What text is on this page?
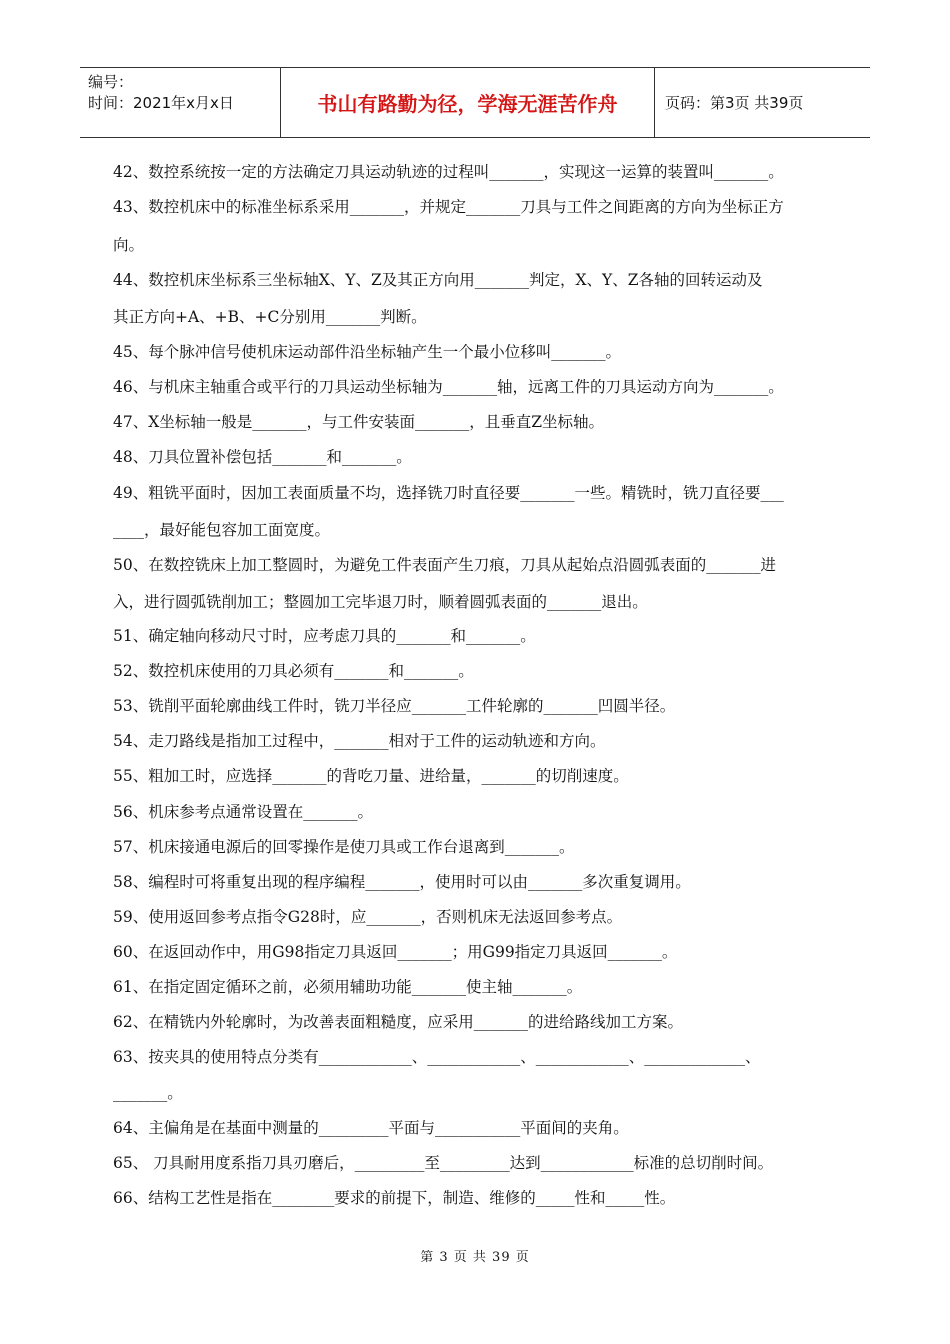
编号：
时间：2021年x月x日	书山有路勤为径，学海无涯苦作舟	页码：第3页 共39页
42、数控系统按一定的方法确定刀具运动轨迹的过程叫_______，实现这一运算的装置叫_______。
43、数控机床中的标准坐标系采用_______，并规定_______刀具与工件之间距离的方向为坐标正方
向。
44、数控机床坐标系三坐标轴X、Y、Z及其正方向用_______判定，X、Y、Z各轴的回转运动及
其正方向+A、+B、+C分别用_______判断。
45、每个脉冲信号使机床运动部件沿坐标轴产生一个最小位移叫_______。
46、与机床主轴重合或平行的刀具运动坐标轴为_______轴，远离工件的刀具运动方向为_______。
47、X坐标轴一般是_______，与工件安装面_______，且垂直Z坐标轴。
48、刀具位置补偿包括_______和_______。
49、粗铣平面时，因加工表面质量不均，选择铣刀时直径要_______一些。精铣时，铣刀直径要___
____，最好能包容加工面宽度。
50、在数控铣床上加工整圆时，为避免工件表面产生刀痕，刀具从起始点沿圆弧表面的_______进
入，进行圆弧铣削加工；整圆加工完毕退刀时，顺着圆弧表面的_______退出。
51、确定轴向移动尺寸时，应考虑刀具的_______和_______。
52、数控机床使用的刀具必须有_______和_______。
53、铣削平面轮廓曲线工件时，铣刀半径应_______工件轮廓的_______凹圆半径。
54、走刀路线是指加工过程中，_______相对于工件的运动轨迹和方向。
55、粗加工时，应选择_______的背吃刀量、进给量，_______的切削速度。
56、机床参考点通常设置在_______。
57、机床接通电源后的回零操作是使刀具或工作台退离到_______。
58、编程时可将重复出现的程序编程_______，使用时可以由_______多次重复调用。
59、使用返回参考点指令G28时，应_______，否则机床无法返回参考点。
60、在返回动作中，用G98指定刀具返回_______；用G99指定刀具返回_______。
61、在指定固定循环之前，必须用辅助功能_______使主轴_______。
62、在精铣内外轮廓时，为改善表面粗糙度，应采用_______的进给路线加工方案。
63、按夹具的使用特点分类有____________、____________、____________、_____________、
_______。
64、主偏角是在基面中测量的_________平面与___________平面间的夹角。
65、 刀具耐用度系指刀具刃磨后，_________至_________达到____________标准的总切削时间。
66、结构工艺性是指在________要求的前提下，制造、维修的_____性和_____性。
第 3 页 共 39 页
